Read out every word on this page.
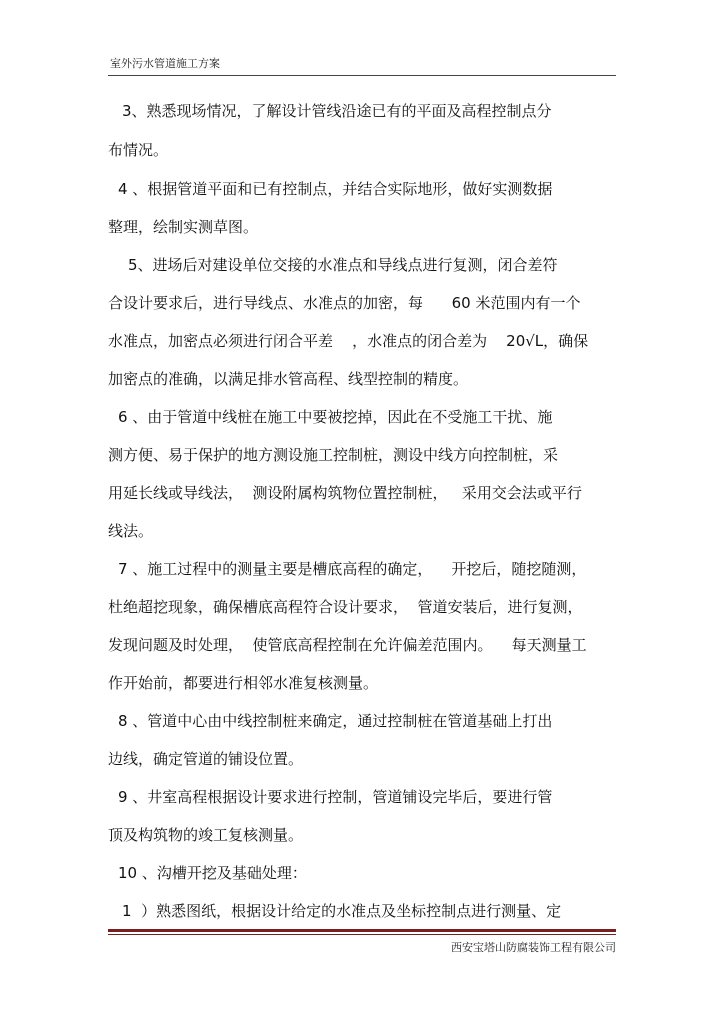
室外污水管道施工方案
3、熟悉现场情况，了解设计管线沿途已有的平面及高程控制点分
布情况。
4 、根据管道平面和已有控制点，并结合实际地形，做好实测数据
整理，绘制实测草图。
5、进场后对建设单位交接的水准点和导线点进行复测，闭合差符
合设计要求后，进行导线点、水准点的加密，每      60 米范围内有一个
水准点，加密点必须进行闭合平差    ，水准点的闭合差为    20√L，确保
加密点的准确，以满足排水管高程、线型控制的精度。
6 、由于管道中线桩在施工中要被挖掉，因此在不受施工干扰、施
测方便、易于保护的地方测设施工控制桩，测设中线方向控制桩，采
用延长线或导线法，  测设附属构筑物位置控制桩，   采用交会法或平行
线法。
7 、施工过程中的测量主要是槽底高程的确定，    开挖后，随挖随测，
杜绝超挖现象，确保槽底高程符合设计要求，  管道安装后，进行复测，
发现问题及时处理，  使管底高程控制在允许偏差范围内。    每天测量工
作开始前，都要进行相邻水准复核测量。
8 、管道中心由中线控制桩来确定，通过控制桩在管道基础上打出
边线，确定管道的铺设位置。
9 、井室高程根据设计要求进行控制，管道铺设完毕后，要进行管
顶及构筑物的竣工复核测量。
10 、沟槽开挖及基础处理：
1  ）熟悉图纸，根据设计给定的水准点及坐标控制点进行测量、定
西安宝塔山防腐装饰工程有限公司
